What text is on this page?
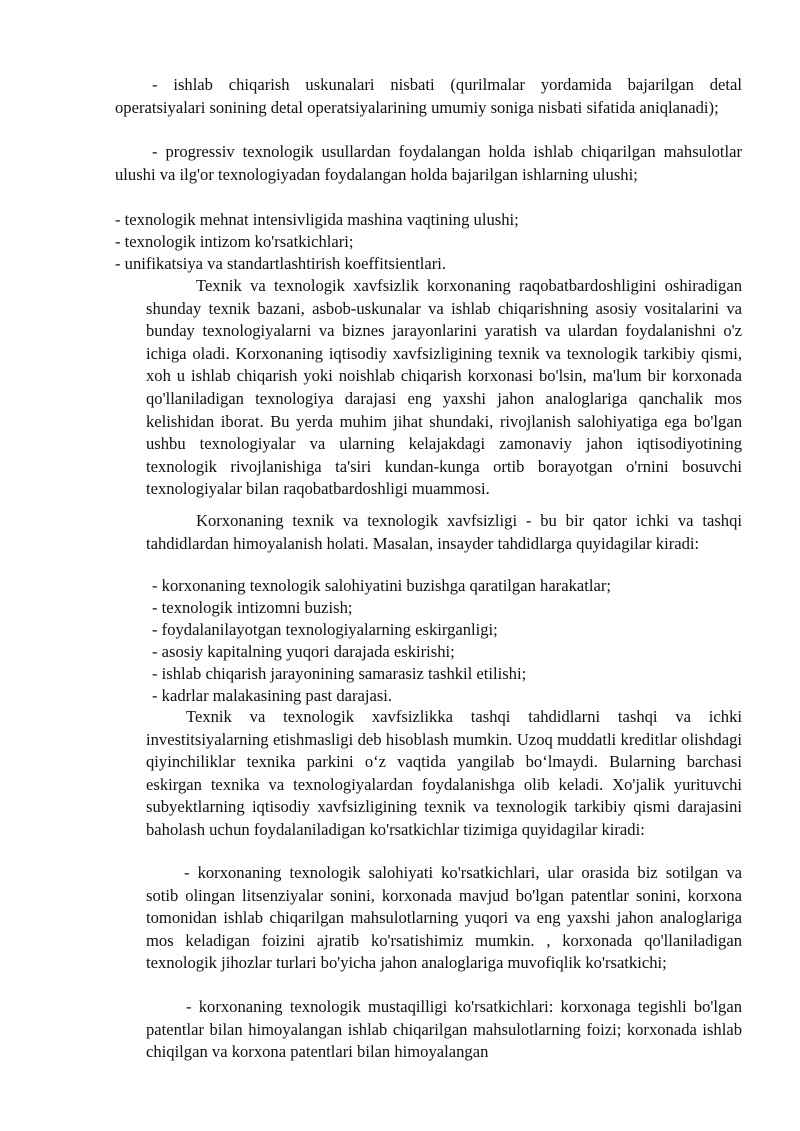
- ishlab chiqarish uskunalari nisbati (qurilmalar yordamida bajarilgan detal operatsiyalari sonining detal operatsiyalarining umumiy soniga nisbati sifatida aniqlanadi);

- progressiv texnologik usullardan foydalangan holda ishlab chiqarilgan mahsulotlar ulushi va ilg'or texnologiyadan foydalangan holda bajarilgan ishlarning ulushi;

- texnologik mehnat intensivligida mashina vaqtining ulushi;
- texnologik intizom ko'rsatkichlari;
- unifikatsiya va standartlashtirish koeffitsientlari.

Texnik va texnologik xavfsizlik korxonaning raqobatbardoshligini oshiradigan shunday texnik bazani, asbob-uskunalar va ishlab chiqarishning asosiy vositalarini va bunday texnologiyalarni va biznes jarayonlarini yaratish va ulardan foydalanishni o'z ichiga oladi. Korxonaning iqtisodiy xavfsizligining texnik va texnologik tarkibiy qismi, xoh u ishlab chiqarish yoki noishlab chiqarish korxonasi bo'lsin, ma'lum bir korxonada qo'llaniladigan texnologiya darajasi eng yaxshi jahon analoglariga qanchalik mos kelishidan iborat. Bu yerda muhim jihat shundaki, rivojlanish salohiyatiga ega bo'lgan ushbu texnologiyalar va ularning kelajakdagi zamonaviy jahon iqtisodiyotining texnologik rivojlanishiga ta'siri kundan-kunga ortib borayotgan o'rnini bosuvchi texnologiyalar bilan raqobatbardoshligi muammosi.

Korxonaning texnik va texnologik xavfsizligi - bu bir qator ichki va tashqi tahdidlardan himoyalanish holati. Masalan, insayder tahdidlarga quyidagilar kiradi:

- korxonaning texnologik salohiyatini buzishga qaratilgan harakatlar;
- texnologik intizomni buzish;
- foydalanilayotgan texnologiyalarning eskirganligi;
- asosiy kapitalning yuqori darajada eskirishi;
- ishlab chiqarish jarayonining samarasiz tashkil etilishi;
- kadrlar malakasining past darajasi.

Texnik va texnologik xavfsizlikka tashqi tahdidlarni tashqi va ichki investitsiyalarning etishmasligi deb hisoblash mumkin. Uzoq muddatli kreditlar olishdagi qiyinchiliklar texnika parkini o‘z vaqtida yangilab bo‘lmaydi. Bularning barchasi eskirgan texnika va texnologiyalardan foydalanishga olib keladi. Xo'jalik yurituvchi subyektlarning iqtisodiy xavfsizligining texnik va texnologik tarkibiy qismi darajasini baholash uchun foydalaniladigan ko'rsatkichlar tizimiga quyidagilar kiradi:

- korxonaning texnologik salohiyati ko'rsatkichlari, ular orasida biz sotilgan va sotib olingan litsenziyalar sonini, korxonada mavjud bo'lgan patentlar sonini, korxona tomonidan ishlab chiqarilgan mahsulotlarning yuqori va eng yaxshi jahon analoglariga mos keladigan foizini ajratib ko'rsatishimiz mumkin. , korxonada qo'llaniladigan texnologik jihozlar turlari bo'yicha jahon analoglariga muvofiqlik ko'rsatkichi;

- korxonaning texnologik mustaqilligi ko'rsatkichlari: korxonaga tegishli bo'lgan patentlar bilan himoyalangan ishlab chiqarilgan mahsulotlarning foizi; korxonada ishlab chiqilgan va korxona patentlari bilan himoyalangan
